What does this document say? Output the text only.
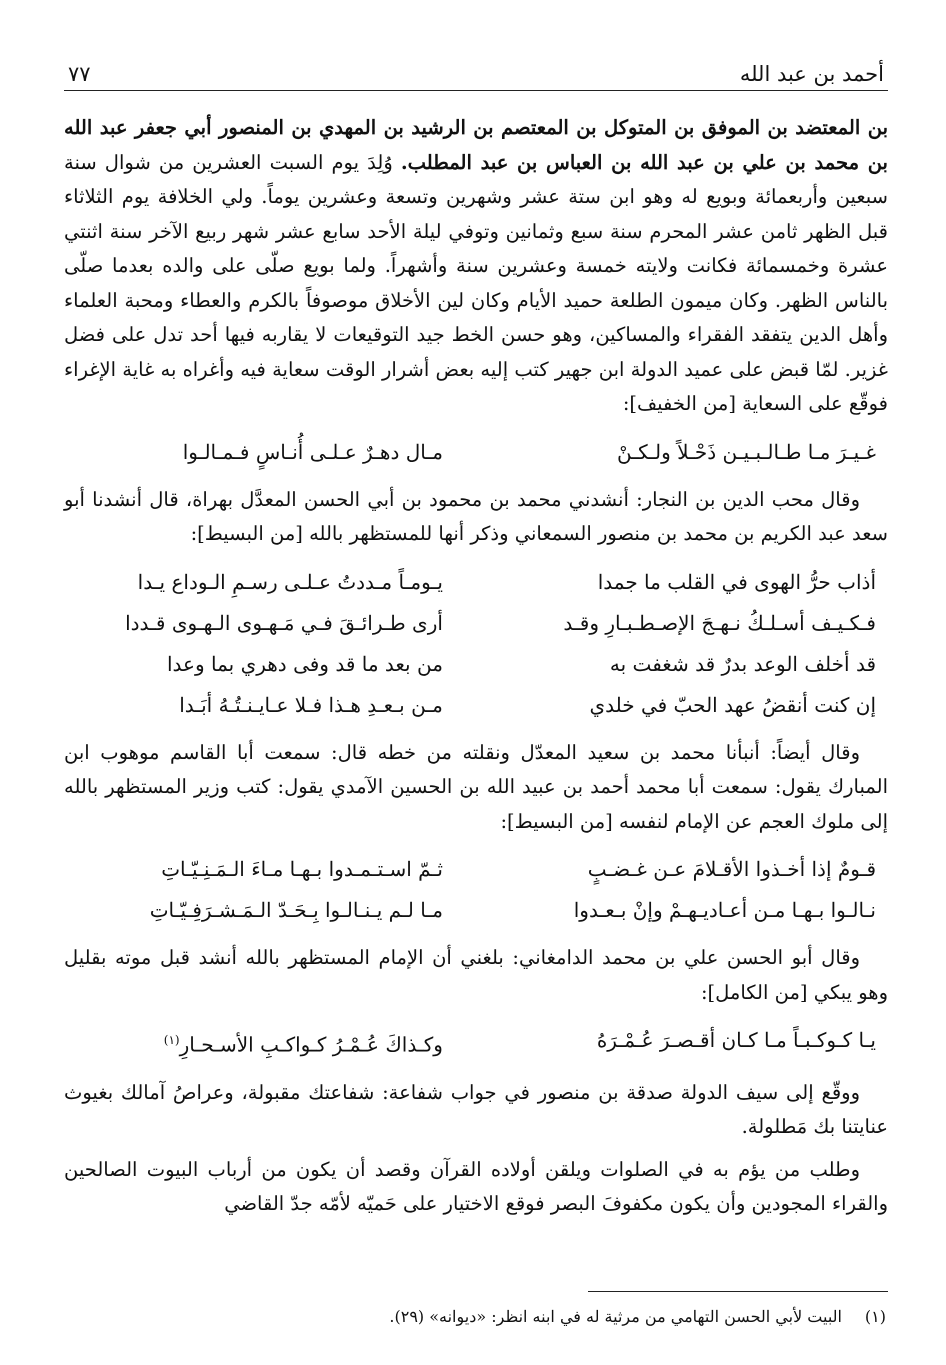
أحمد بن عبد الله
٧٧

بن المعتضد بن الموفق بن المتوكل بن المعتصم بن الرشيد بن المهدي بن المنصور أبي جعفر عبد الله بن محمد بن علي بن عبد الله بن العباس بن عبد المطلب. وُلِدَ يوم السبت العشرين من شوال سنة سبعين وأربعمائة وبويع له وهو ابن ستة عشر وشهرين وتسعة وعشرين يوماً. ولي الخلافة يوم الثلاثاء قبل الظهر ثامن عشر المحرم سنة سبع وثمانين وتوفي ليلة الأحد سابع عشر شهر ربيع الآخر سنة اثنتي عشرة وخمسمائة فكانت ولايته خمسة وعشرين سنة وأشهراً. ولما بويع صلّى على والده بعدما صلّى بالناس الظهر. وكان ميمون الطلعة حميد الأيام وكان لين الأخلاق موصوفاً بالكرم والعطاء ومحبة العلماء وأهل الدين يتفقد الفقراء والمساكين، وهو حسن الخط جيد التوقيعات لا يقاربه فيها أحد تدل على فضل غزير. لمّا قبض على عميد الدولة ابن جهير كتب إليه بعض أشرار الوقت سعاية فيه وأغراه به غاية الإغراء فوقّع على السعاية [من الخفيف]:

غـيـرَ مـا طـالـبـيـن ذَحْـلاً ولـكـنْ
مـال دهـرٌ عـلـى أُنـاسٍ فـمـالـوا

وقال محب الدين بن النجار: أنشدني محمد بن محمود بن أبي الحسن المعدَّل بهراة، قال أنشدنا أبو سعد عبد الكريم بن محمد بن منصور السمعاني وذكر أنها للمستظهر بالله [من البسيط]:

أذاب حرُّ الهوى في القلب ما جمدا
يـومـاً مـددتُ عـلـى رسـمِ الـوداع يـدا
فـكـيـف أسـلـكُ نـهـجَ الإصـطـبـارِ وقـد
أرى طـرائـقَ فـي مَـهـوى الـهـوى قـددا
قد أخلف الوعد بدرٌ قد شغفت به
من بعد ما قد وفى دهري بما وعدا
إن كنت أنقضُ عهد الحبّ في خلدي
مـن بـعـدِ هـذا فـلا عـايـنـتُـهُ أبَـدا

وقال أيضاً: أنبأنا محمد بن سعيد المعدّل ونقلته من خطه قال: سمعت أبا القاسم موهوب ابن المبارك يقول: سمعت أبا محمد أحمد بن عبيد الله بن الحسين الآمدي يقول: كتب وزير المستظهر بالله إلى ملوك العجم عن الإمام لنفسه [من البسيط]:

قـومٌ إذا أخـذوا الأقـلامَ عـن غـضـبٍ
ثـمّ اسـتـمـدوا بـهـا مـاءَ الـمَـنِـيّـاتِ
نـالـوا بـهـا مـن أعـاديـهـمْ وإنْ بـعـدوا
مـا لـم يـنـالـوا بِـحَـدّ الـمَـشـرَفِـيّـاتِ

وقال أبو الحسن علي بن محمد الدامغاني: بلغني أن الإمام المستظهر بالله أنشد قبل موته بقليل وهو يبكي [من الكامل]:

يـا كـوكـبـاً مـا كـان أقـصـرَ عُـمْـرَهُ
وكـذاكَ عُـمْـرُ كـواكـبِ الأسـحـارِ$^{(١)}$

ووقّع إلى سيف الدولة صدقة بن منصور في جواب شفاعة: شفاعتك مقبولة، وعراصُ آمالك بغيوث عنايتنا بك مَطلولة.

وطلب من يؤم به في الصلوات ويلقن أولاده القرآن وقصد أن يكون من أرباب البيوت الصالحين والقراء المجودين وأن يكون مكفوفَ البصر فوقع الاختيار على حَميّه لأمّه جدّ القاضي

(١)البيت لأبي الحسن التهامي من مرثية له في ابنه انظر: «ديوانه» (٢٩).
